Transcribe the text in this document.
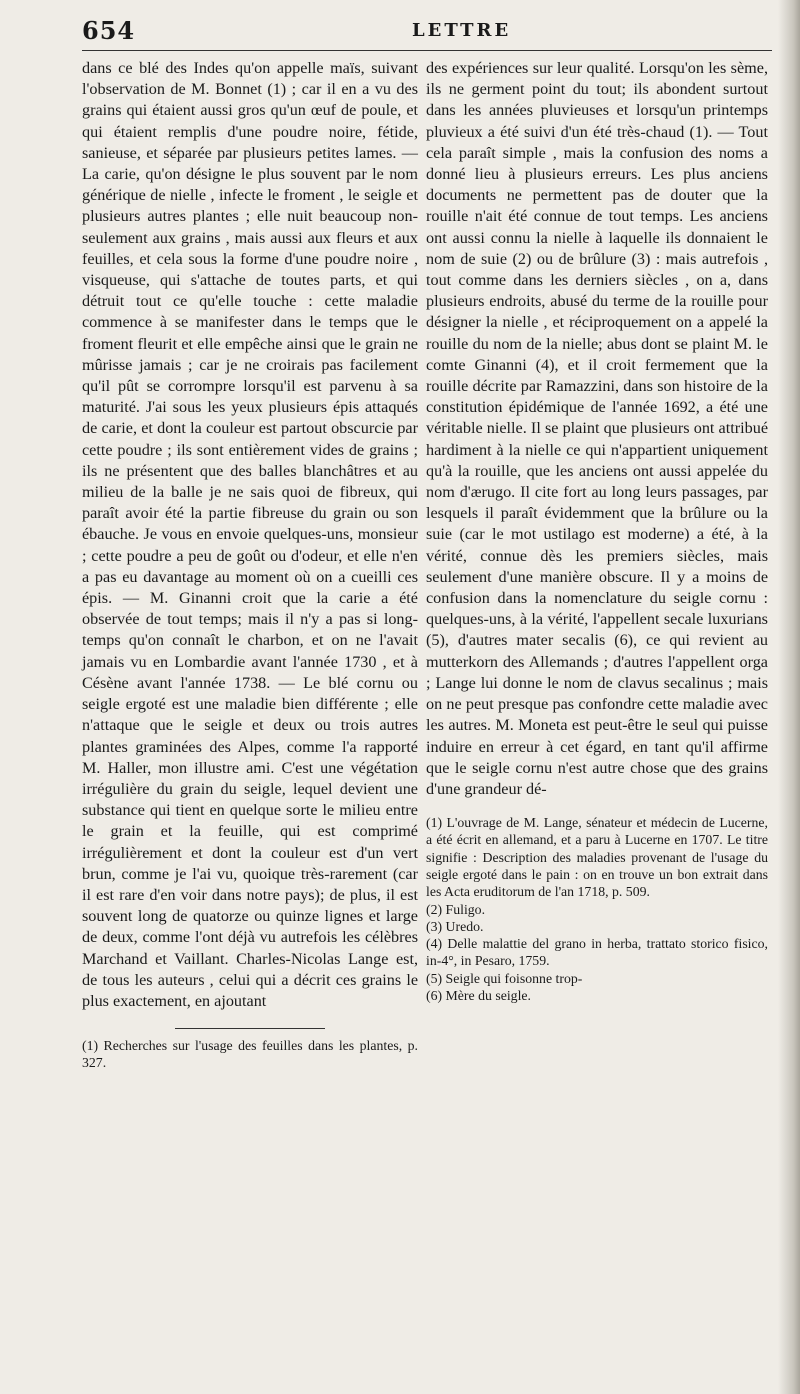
654	LETTRE

dans ce blé des Indes qu'on appelle maïs, suivant l'observation de M. Bonnet (1) ; car il en a vu des grains qui étaient aussi gros qu'un œuf de poule, et qui étaient remplis d'une poudre noire, fétide, sanieuse, et séparée par plusieurs petites lames. — La carie, qu'on désigne le plus souvent par le nom générique de nielle , infecte le froment , le seigle et plusieurs autres plantes ; elle nuit beaucoup non-seulement aux grains , mais aussi aux fleurs et aux feuilles, et cela sous la forme d'une poudre noire , visqueuse, qui s'attache de toutes parts, et qui détruit tout ce qu'elle touche : cette maladie commence à se manifester dans le temps que le froment fleurit et elle empêche ainsi que le grain ne mûrisse jamais ; car je ne croirais pas facilement qu'il pût se corrompre lorsqu'il est parvenu à sa maturité. J'ai sous les yeux plusieurs épis attaqués de carie, et dont la couleur est partout obscurcie par cette poudre ; ils sont entièrement vides de grains ; ils ne présentent que des balles blanchâtres et au milieu de la balle je ne sais quoi de fibreux, qui paraît avoir été la partie fibreuse du grain ou son ébauche. Je vous en envoie quelques-uns, monsieur ; cette poudre a peu de goût ou d'odeur, et elle n'en a pas eu davantage au moment où on a cueilli ces épis. — M. Ginanni croit que la carie a été observée de tout temps; mais il n'y a pas si long-temps qu'on connaît le charbon, et on ne l'avait jamais vu en Lombardie avant l'année 1730 , et à Césène avant l'année 1738. — Le blé cornu ou seigle ergoté est une maladie bien différente ; elle n'attaque que le seigle et deux ou trois autres plantes graminées des Alpes, comme l'a rapporté M. Haller, mon illustre ami. C'est une végétation irrégulière du grain du seigle, lequel devient une substance qui tient en quelque sorte le milieu entre le grain et la feuille, qui est comprimé irrégulièrement et dont la couleur est d'un vert brun, comme je l'ai vu, quoique très-rarement (car il est rare d'en voir dans notre pays); de plus, il est souvent long de quatorze ou quinze lignes et large de deux, comme l'ont déjà vu autrefois les célèbres Marchand et Vaillant. Charles-Nicolas Lange est, de tous les auteurs , celui qui a décrit ces grains le plus exactement, en ajoutant

(1) Recherches sur l'usage des feuilles dans les plantes, p. 327.

des expériences sur leur qualité. Lorsqu'on les sème, ils ne germent point du tout; ils abondent surtout dans les années pluvieuses et lorsqu'un printemps pluvieux a été suivi d'un été très-chaud (1). — Tout cela paraît simple , mais la confusion des noms a donné lieu à plusieurs erreurs. Les plus anciens documents ne permettent pas de douter que la rouille n'ait été connue de tout temps. Les anciens ont aussi connu la nielle à laquelle ils donnaient le nom de suie (2) ou de brûlure (3) : mais autrefois , tout comme dans les derniers siècles , on a, dans plusieurs endroits, abusé du terme de la rouille pour désigner la nielle , et réciproquement on a appelé la rouille du nom de la nielle; abus dont se plaint M. le comte Ginanni (4), et il croit fermement que la rouille décrite par Ramazzini, dans son histoire de la constitution épidémique de l'année 1692, a été une véritable nielle. Il se plaint que plusieurs ont attribué hardiment à la nielle ce qui n'appartient uniquement qu'à la rouille, que les anciens ont aussi appelée du nom d'ærugo. Il cite fort au long leurs passages, par lesquels il paraît évidemment que la brûlure ou la suie (car le mot ustilago est moderne) a été, à la vérité, connue dès les premiers siècles, mais seulement d'une manière obscure. Il y a moins de confusion dans la nomenclature du seigle cornu : quelques-uns, à la vérité, l'appellent secale luxurians (5), d'autres mater secalis (6), ce qui revient au mutterkorn des Allemands ; d'autres l'appellent orga ; Lange lui donne le nom de clavus secalinus ; mais on ne peut presque pas confondre cette maladie avec les autres. M. Moneta est peut-être le seul qui puisse induire en erreur à cet égard, en tant qu'il affirme que le seigle cornu n'est autre chose que des grains d'une grandeur dé-

(1) L'ouvrage de M. Lange, sénateur et médecin de Lucerne, a été écrit en allemand, et a paru à Lucerne en 1707. Le titre signifie : Description des maladies provenant de l'usage du seigle ergoté dans le pain : on en trouve un bon extrait dans les Acta eruditorum de l'an 1718, p. 509.
(2) Fuligo.
(3) Uredo.
(4) Delle malattie del grano in herba, trattato storico fisico, in-4°, in Pesaro, 1759.
(5) Seigle qui foisonne trop-
(6) Mère du seigle.
